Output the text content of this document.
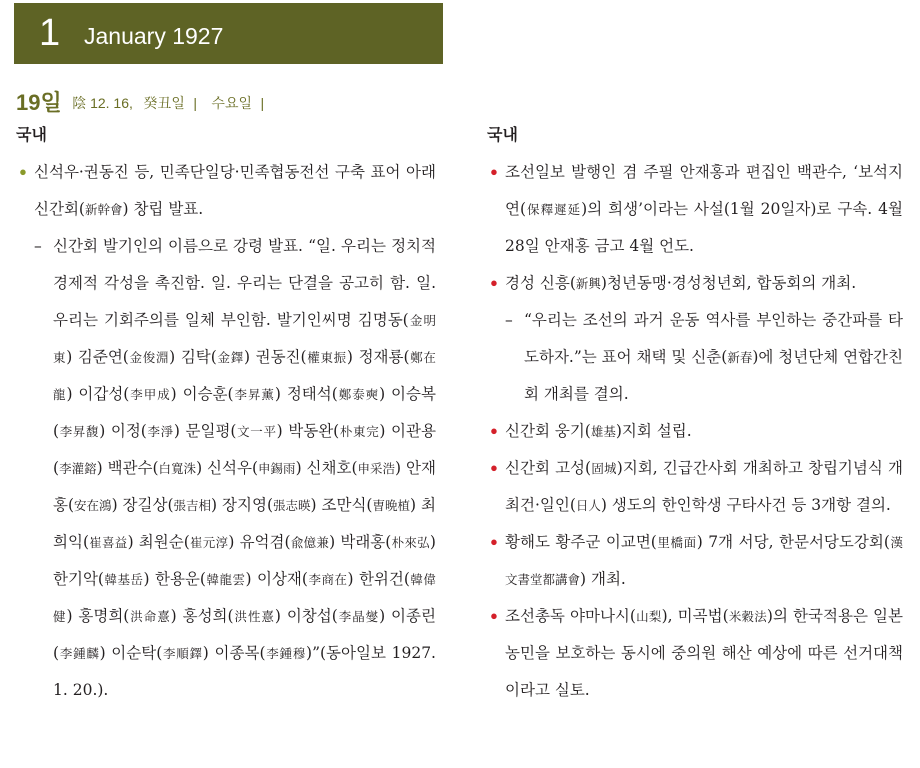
1 January 1927
19일 陰 12. 16, 癸丑일 | 수요일 |
국내
• 신석우·권동진 등, 민족단일당·민족협동전선 구축 표어 아래 신간회(新幹會) 창립 발표.
– 신간회 발기인의 이름으로 강령 발표. “일. 우리는 정치적 경제적 각성을 촉진함. 일. 우리는 단결을 공고히 함. 일. 우리는 기회주의를 일체 부인함. 발기인씨명 김명동(金明東) 김준연(金俊淵) 김탁(金鐸) 권동진(權東振) 정재룡(鄭在龍) 이갑성(李甲成) 이승훈(李昇薰) 정태석(鄭泰奭) 이승복(李昇馥) 이정(李淨) 문일평(文一平) 박동완(朴東完) 이관용(李灌鎔) 백관수(白寬洙) 신석우(申錫雨) 신채호(申采浩) 안재홍(安在鴻) 장길상(張吉相) 장지영(張志暎) 조만식(曺晩植) 최희익(崔喜益) 최원순(崔元淳) 유억겸(兪億兼) 박래홍(朴來弘) 한기악(韓基岳) 한용운(韓龍雲) 이상재(李商在) 한위건(韓偉健) 홍명희(洪命憙) 홍성희(洪性憙) 이창섭(李晶燮) 이종린(李鍾麟) 이순탁(李順鐸) 이종목(李鍾穆)”(동아일보 1927. 1. 20.).
국내
• 조선일보 발행인 겸 주필 안재홍과 편집인 백관수, ‘보석지연(保釋遲延)의 희생’이라는 사설(1월 20일자)로 구속. 4월 28일 안재홍 금고 4월 언도.
• 경성 신흥(新興)청년동맹·경성청년회, 합동회의 개최.
– “우리는 조선의 과거 운동 역사를 부인하는 중간파를 타도하자.”는 표어 채택 및 신춘(新春)에 청년단체 연합간친회 개최를 결의.
• 신간회 웅기(雄基)지회 설립.
• 신간회 고성(固城)지회, 긴급간사회 개최하고 창립기념식 개최건·일인(日人) 생도의 한인학생 구타사건 등 3개항 결의.
• 황해도 황주군 이교면(里橋面) 7개 서당, 한문서당도강회(漢文書堂都講會) 개최.
• 조선총독 야마나시(山梨), 미곡법(米穀法)의 한국적용은 일본농민을 보호하는 동시에 중의원 해산 예상에 따른 선거대책이라고 실토.
